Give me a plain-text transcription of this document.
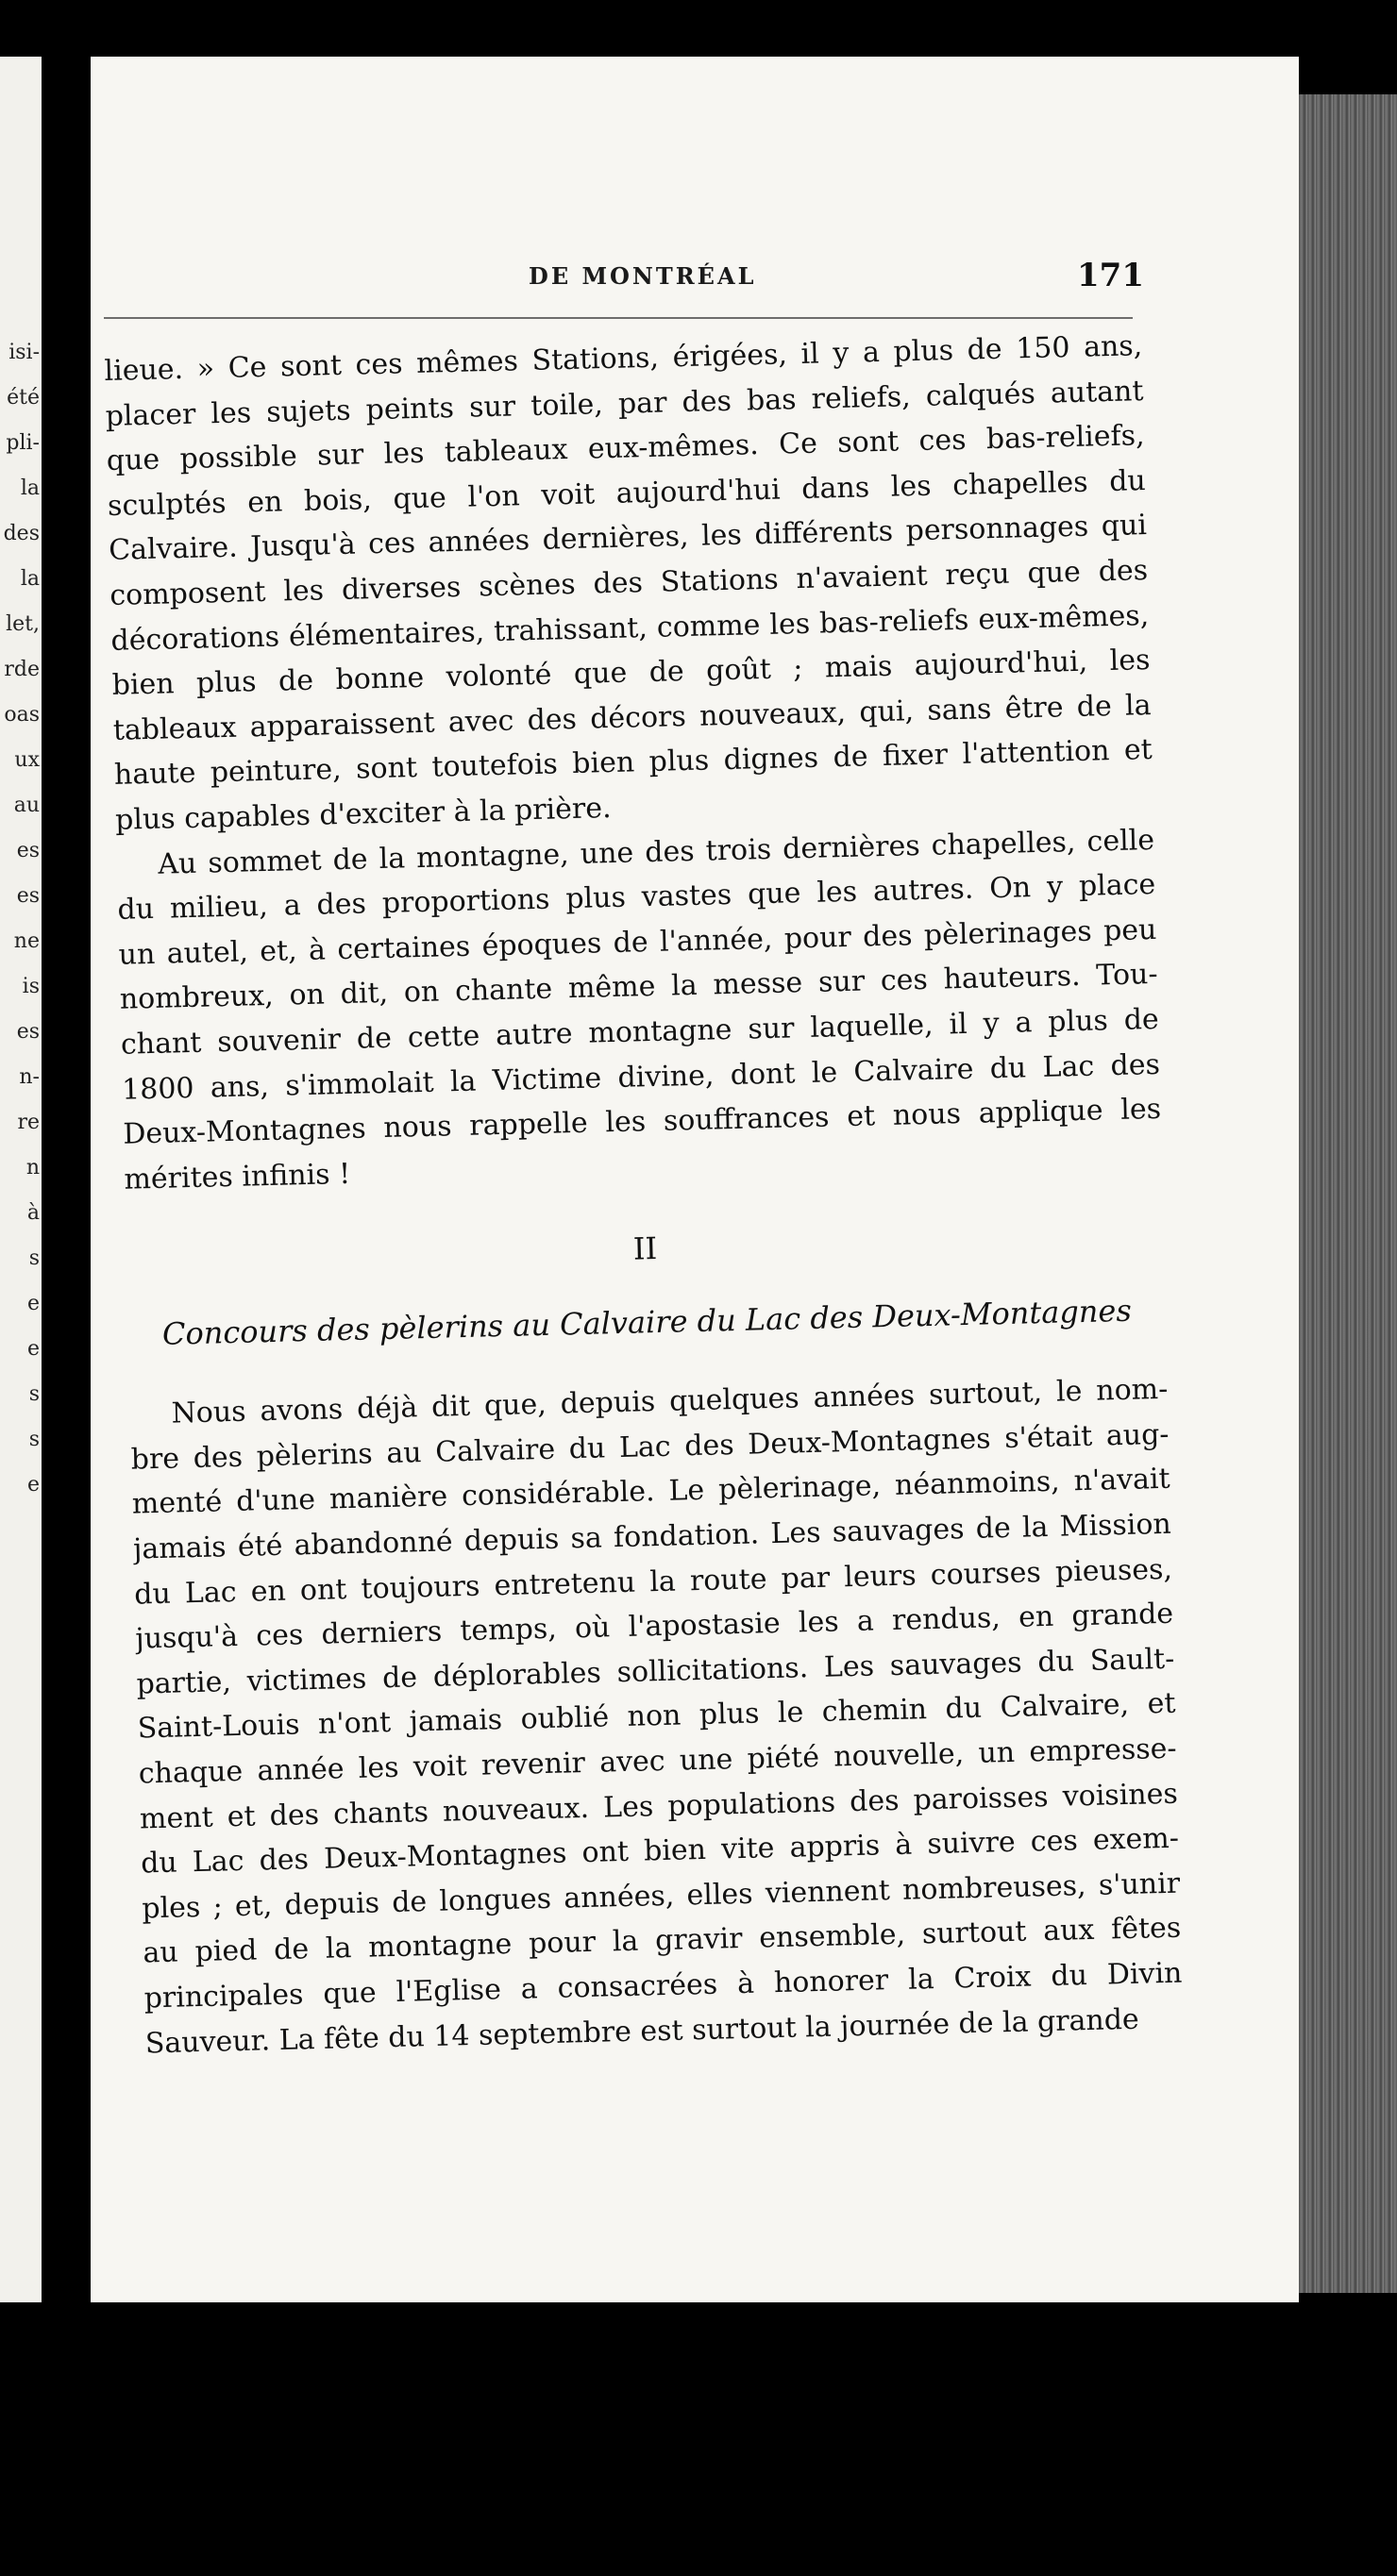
isi-
été
pli-
la
des
la
let,
rde
oas
ux
au
es
es
ne
is
es
n-
re
n
à
s
e
e
s
s
e
DE MONTRÉAL	171
lieue. » Ce sont ces mêmes Stations, érigées, il y a plus de 150 ans,
placer les sujets peints sur toile, par des bas reliefs, calqués autant
que possible sur les tableaux eux-mêmes. Ce sont ces bas-reliefs,
sculptés en bois, que l'on voit aujourd'hui dans les chapelles du
Calvaire. Jusqu'à ces années dernières, les différents personnages qui
composent les diverses scènes des Stations n'avaient reçu que des
décorations élémentaires, trahissant, comme les bas-reliefs eux-mêmes,
bien plus de bonne volonté que de goût ; mais aujourd'hui, les
tableaux apparaissent avec des décors nouveaux, qui, sans être de la
haute peinture, sont toutefois bien plus dignes de fixer l'attention et
plus capables d'exciter à la prière.
Au sommet de la montagne, une des trois dernières chapelles, celle
du milieu, a des proportions plus vastes que les autres. On y place
un autel, et, à certaines époques de l'année, pour des pèlerinages peu
nombreux, on dit, on chante même la messe sur ces hauteurs. Tou-
chant souvenir de cette autre montagne sur laquelle, il y a plus de
1800 ans, s'immolait la Victime divine, dont le Calvaire du Lac des
Deux-Montagnes nous rappelle les souffrances et nous applique les
mérites infinis !
II
Concours des pèlerins au Calvaire du Lac des Deux-Montagnes
Nous avons déjà dit que, depuis quelques années surtout, le nom-
bre des pèlerins au Calvaire du Lac des Deux-Montagnes s'était aug-
menté d'une manière considérable. Le pèlerinage, néanmoins, n'avait
jamais été abandonné depuis sa fondation. Les sauvages de la Mission
du Lac en ont toujours entretenu la route par leurs courses pieuses,
jusqu'à ces derniers temps, où l'apostasie les a rendus, en grande
partie, victimes de déplorables sollicitations. Les sauvages du Sault-
Saint-Louis n'ont jamais oublié non plus le chemin du Calvaire, et
chaque année les voit revenir avec une piété nouvelle, un empresse-
ment et des chants nouveaux. Les populations des paroisses voisines
du Lac des Deux-Montagnes ont bien vite appris à suivre ces exem-
ples ; et, depuis de longues années, elles viennent nombreuses, s'unir
au pied de la montagne pour la gravir ensemble, surtout aux fêtes
principales que l'Eglise a consacrées à honorer la Croix du Divin
Sauveur. La fête du 14 septembre est surtout la journée de la grande
